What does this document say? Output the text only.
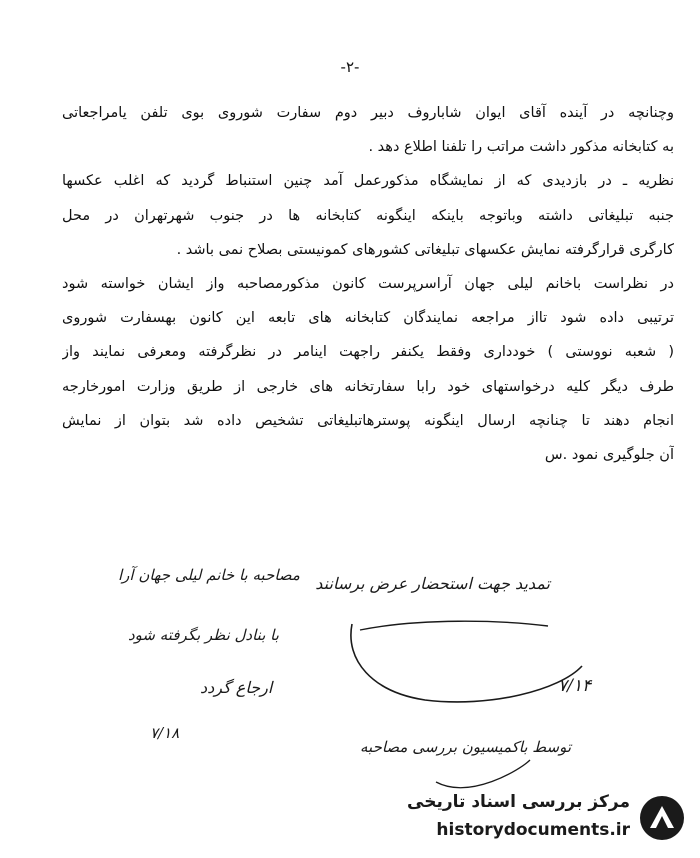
-۲-
وچنانچه در آینده آقای ایوان شاباروف دبیر دوم سفارت شوروی بوی تلفن یامراجعاتی
به کتابخانه مذکور داشت مراتب را تلفنا اطلاع دهد .
نظریه ـ در بازدیدی که از نمایشگاه مذکورعمل آمد چنین استنباط گردید که اغلب عکسها
جنبه تبلیغاتی داشته وباتوجه باینکه اینگونه کتابخانه ها در جنوب شهرتهران در محل
کارگری قرارگرفته نمایش عکسهای تبلیغاتی کشورهای کمونیستی بصلاح نمی باشد .
در نظراست باخانم لیلی جهان آراسرپرست کانون مذکورمصاحبه واز ایشان خواسته شود
ترتیبی داده شود تااز مراجعه نمایندگان کتابخانه های تابعه این کانون بهسفارت شوروی
( شعبه نووستی ) خودداری وفقط یکنفر راجهت اینامر در نظرگرفته ومعرفی نمایند واز
طرف دیگر کلیه درخواستهای خود رابا سفارتخانه های خارجی از طریق وزارت امورخارجه
انجام دهند تا چنانچه ارسال اینگونه پوسترهاتبلیغاتی تشخیص داده شد بتوان از نمایش
آن جلوگیری نمود .س
تمدید جهت استحضار عرض برسانند
۷/۱۴
مصاحبه با خانم لیلی جهان آرا
با بنادل نظر بگرفته شود
ارجاع گردد
۷/۱۸
توسط باکمیسیون بررسی مصاحبه
مرکز بررسی اسناد تاریخی
historydocuments.ir
